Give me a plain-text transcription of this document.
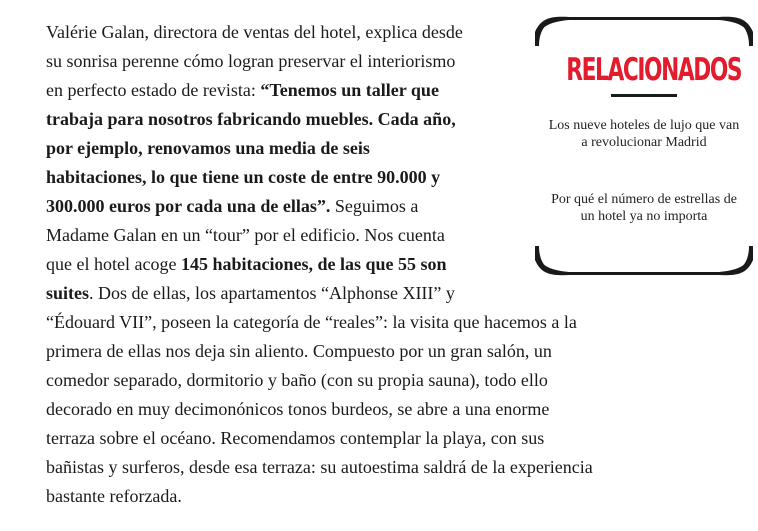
Valérie Galan, directora de ventas del hotel, explica desde
su sonrisa perenne cómo logran preservar el interiorismo
en perfecto estado de revista: “Tenemos un taller que
trabaja para nosotros fabricando muebles. Cada año,
por ejemplo, renovamos una media de seis
habitaciones, lo que tiene un coste de entre 90.000 y
300.000 euros por cada una de ellas”. Seguimos a
Madame Galan en un “tour” por el edificio. Nos cuenta
que el hotel acoge 145 habitaciones, de las que 55 son
suites. Dos de ellas, los apartamentos “Alphonse XIII” y
“Édouard VII”, poseen la categoría de “reales”: la visita que hacemos a la
primera de ellas nos deja sin aliento. Compuesto por un gran salón, un
comedor separado, dormitorio y baño (con su propia sauna), todo ello
decorado en muy decimonónicos tonos burdeos, se abre a una enorme
terraza sobre el océano. Recomendamos contemplar la playa, con sus
bañistas y surferos, desde esa terraza: su autoestima saldrá de la experiencia
bastante reforzada.
RELACIONADOS
Los nueve hoteles de lujo que van a revolucionar Madrid
Por qué el número de estrellas de un hotel ya no importa
